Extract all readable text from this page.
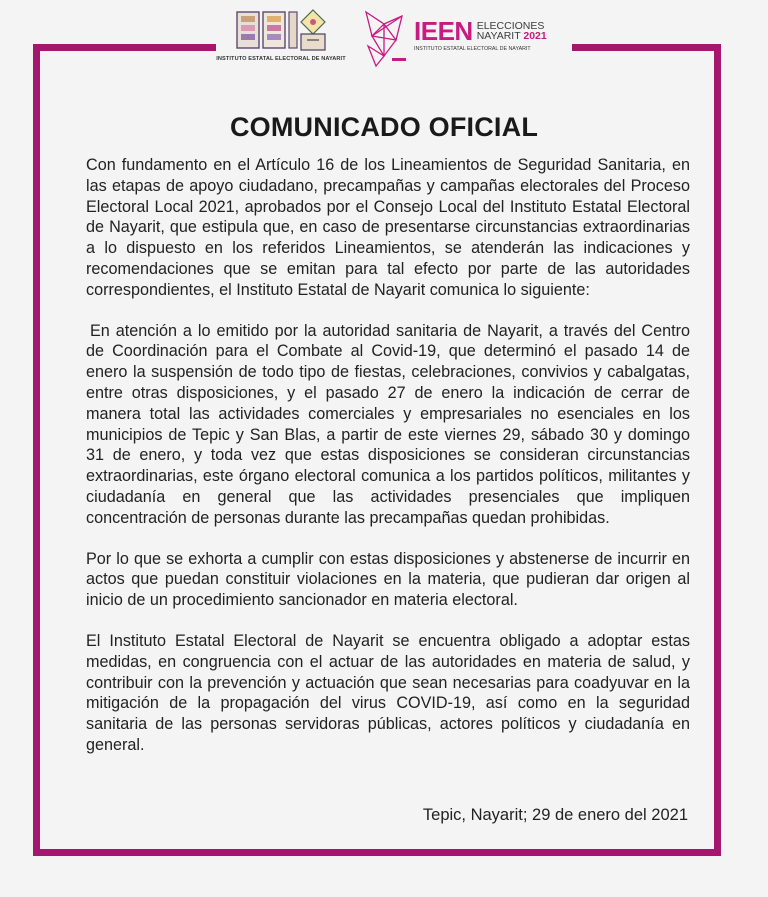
INSTITUTO ESTATAL ELECTORAL DE NAYARIT
IEEN ELECCIONES
NAYARIT 2021
INSTITUTO ESTATAL ELECTORAL DE NAYARIT
COMUNICADO OFICIAL

Con fundamento en el Artículo 16 de los Lineamientos de Seguridad Sanitaria, en las etapas de apoyo ciudadano, precampañas y campañas electorales del Proceso Electoral Local 2021, aprobados por el Consejo Local del Instituto Estatal Electoral de Nayarit, que estipula que, en caso de presentarse circunstancias extraordinarias a lo dispuesto en los referidos Lineamientos, se atenderán las indicaciones y recomendaciones que se emitan para tal efecto por parte de las autoridades correspondientes, el Instituto Estatal de Nayarit comunica lo siguiente:

En atención a lo emitido por la autoridad sanitaria de Nayarit, a través del Centro de Coordinación para el Combate al Covid-19, que determinó el pasado 14 de enero la suspensión de todo tipo de fiestas, celebraciones, convivios y cabalgatas, entre otras disposiciones, y el pasado 27 de enero la indicación de cerrar de manera total las actividades comerciales y empresariales no esenciales en los municipios de Tepic y San Blas, a partir de este viernes 29, sábado 30 y domingo 31 de enero, y toda vez que estas disposiciones se consideran circunstancias extraordinarias, este órgano electoral comunica a los partidos políticos, militantes y ciudadanía en general que las actividades presenciales que impliquen concentración de personas durante las precampañas quedan prohibidas.

Por lo que se exhorta a cumplir con estas disposiciones y abstenerse de incurrir en actos que puedan constituir violaciones en la materia, que pudieran dar origen al inicio de un procedimiento sancionador en materia electoral.

El Instituto Estatal Electoral de Nayarit se encuentra obligado a adoptar estas medidas, en congruencia con el actuar de las autoridades en materia de salud, y contribuir con la prevención y actuación que sean necesarias para coadyuvar en la mitigación de la propagación del virus COVID-19, así como en la seguridad sanitaria de las personas servidoras públicas, actores políticos y ciudadanía en general.

Tepic, Nayarit; 29 de enero del 2021
